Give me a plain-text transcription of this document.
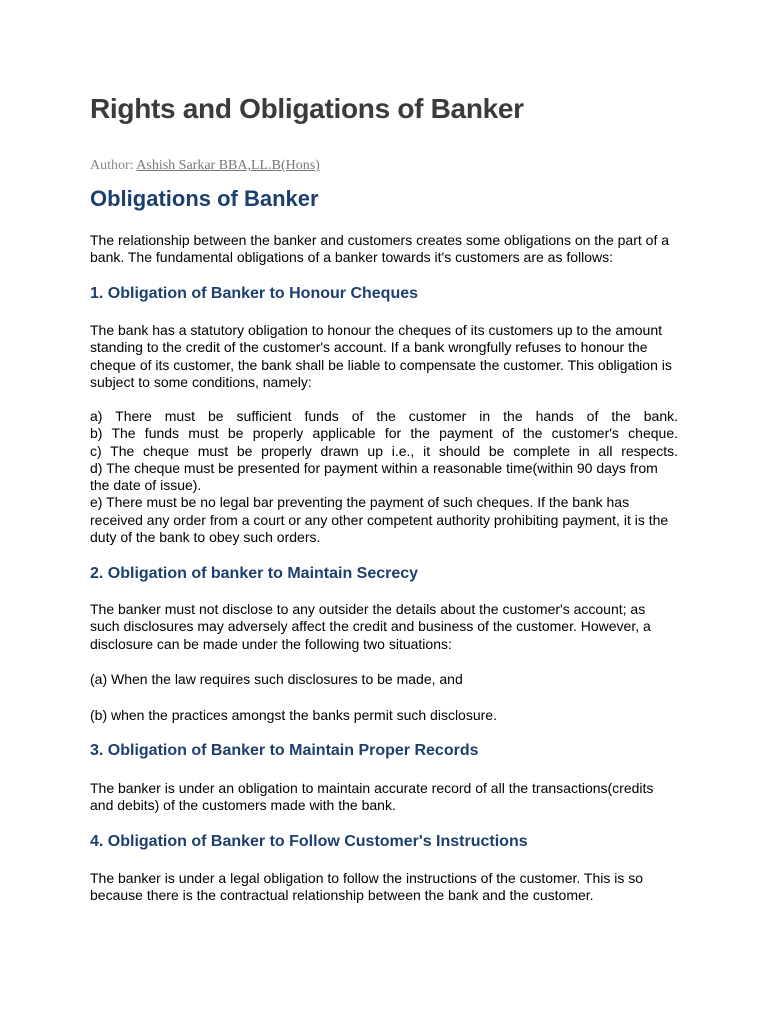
Rights and Obligations of Banker
Author: Ashish Sarkar BBA,LL.B(Hons)
Obligations of Banker

The relationship between the banker and customers creates some obligations on the part of a bank. The fundamental obligations of a banker towards it's customers are as follows:

1. Obligation of Banker to Honour Cheques

The bank has a statutory obligation to honour the cheques of its customers up to the amount standing to the credit of the customer's account. If a bank wrongfully refuses to honour the cheque of its customer, the bank shall be liable to compensate the customer. This obligation is subject to some conditions, namely:

a) There must be sufficient funds of the customer in the hands of the bank.
b) The funds must be properly applicable for the payment of the customer's cheque.
c) The cheque must be properly drawn up i.e., it should be complete in all respects.
d) The cheque must be presented for payment within a reasonable time(within 90 days from
the date of issue).
e) There must be no legal bar preventing the payment of such cheques. If the bank has received any order from a court or any other competent authority prohibiting payment, it is the duty of the bank to obey such orders.
2. Obligation of banker to Maintain Secrecy

The banker must not disclose to any outsider the details about the customer's account; as such disclosures may adversely affect the credit and business of the customer. However, a disclosure can be made under the following two situations:

(a) When the law requires such disclosures to be made, and

(b) when the practices amongst the banks permit such disclosure.

3. Obligation of Banker to Maintain Proper Records

The banker is under an obligation to maintain accurate record of all the transactions(credits and debits) of the customers made with the bank.

4. Obligation of Banker to Follow Customer's Instructions

The banker is under a legal obligation to follow the instructions of the customer. This is so because there is the contractual relationship between the bank and the customer.
